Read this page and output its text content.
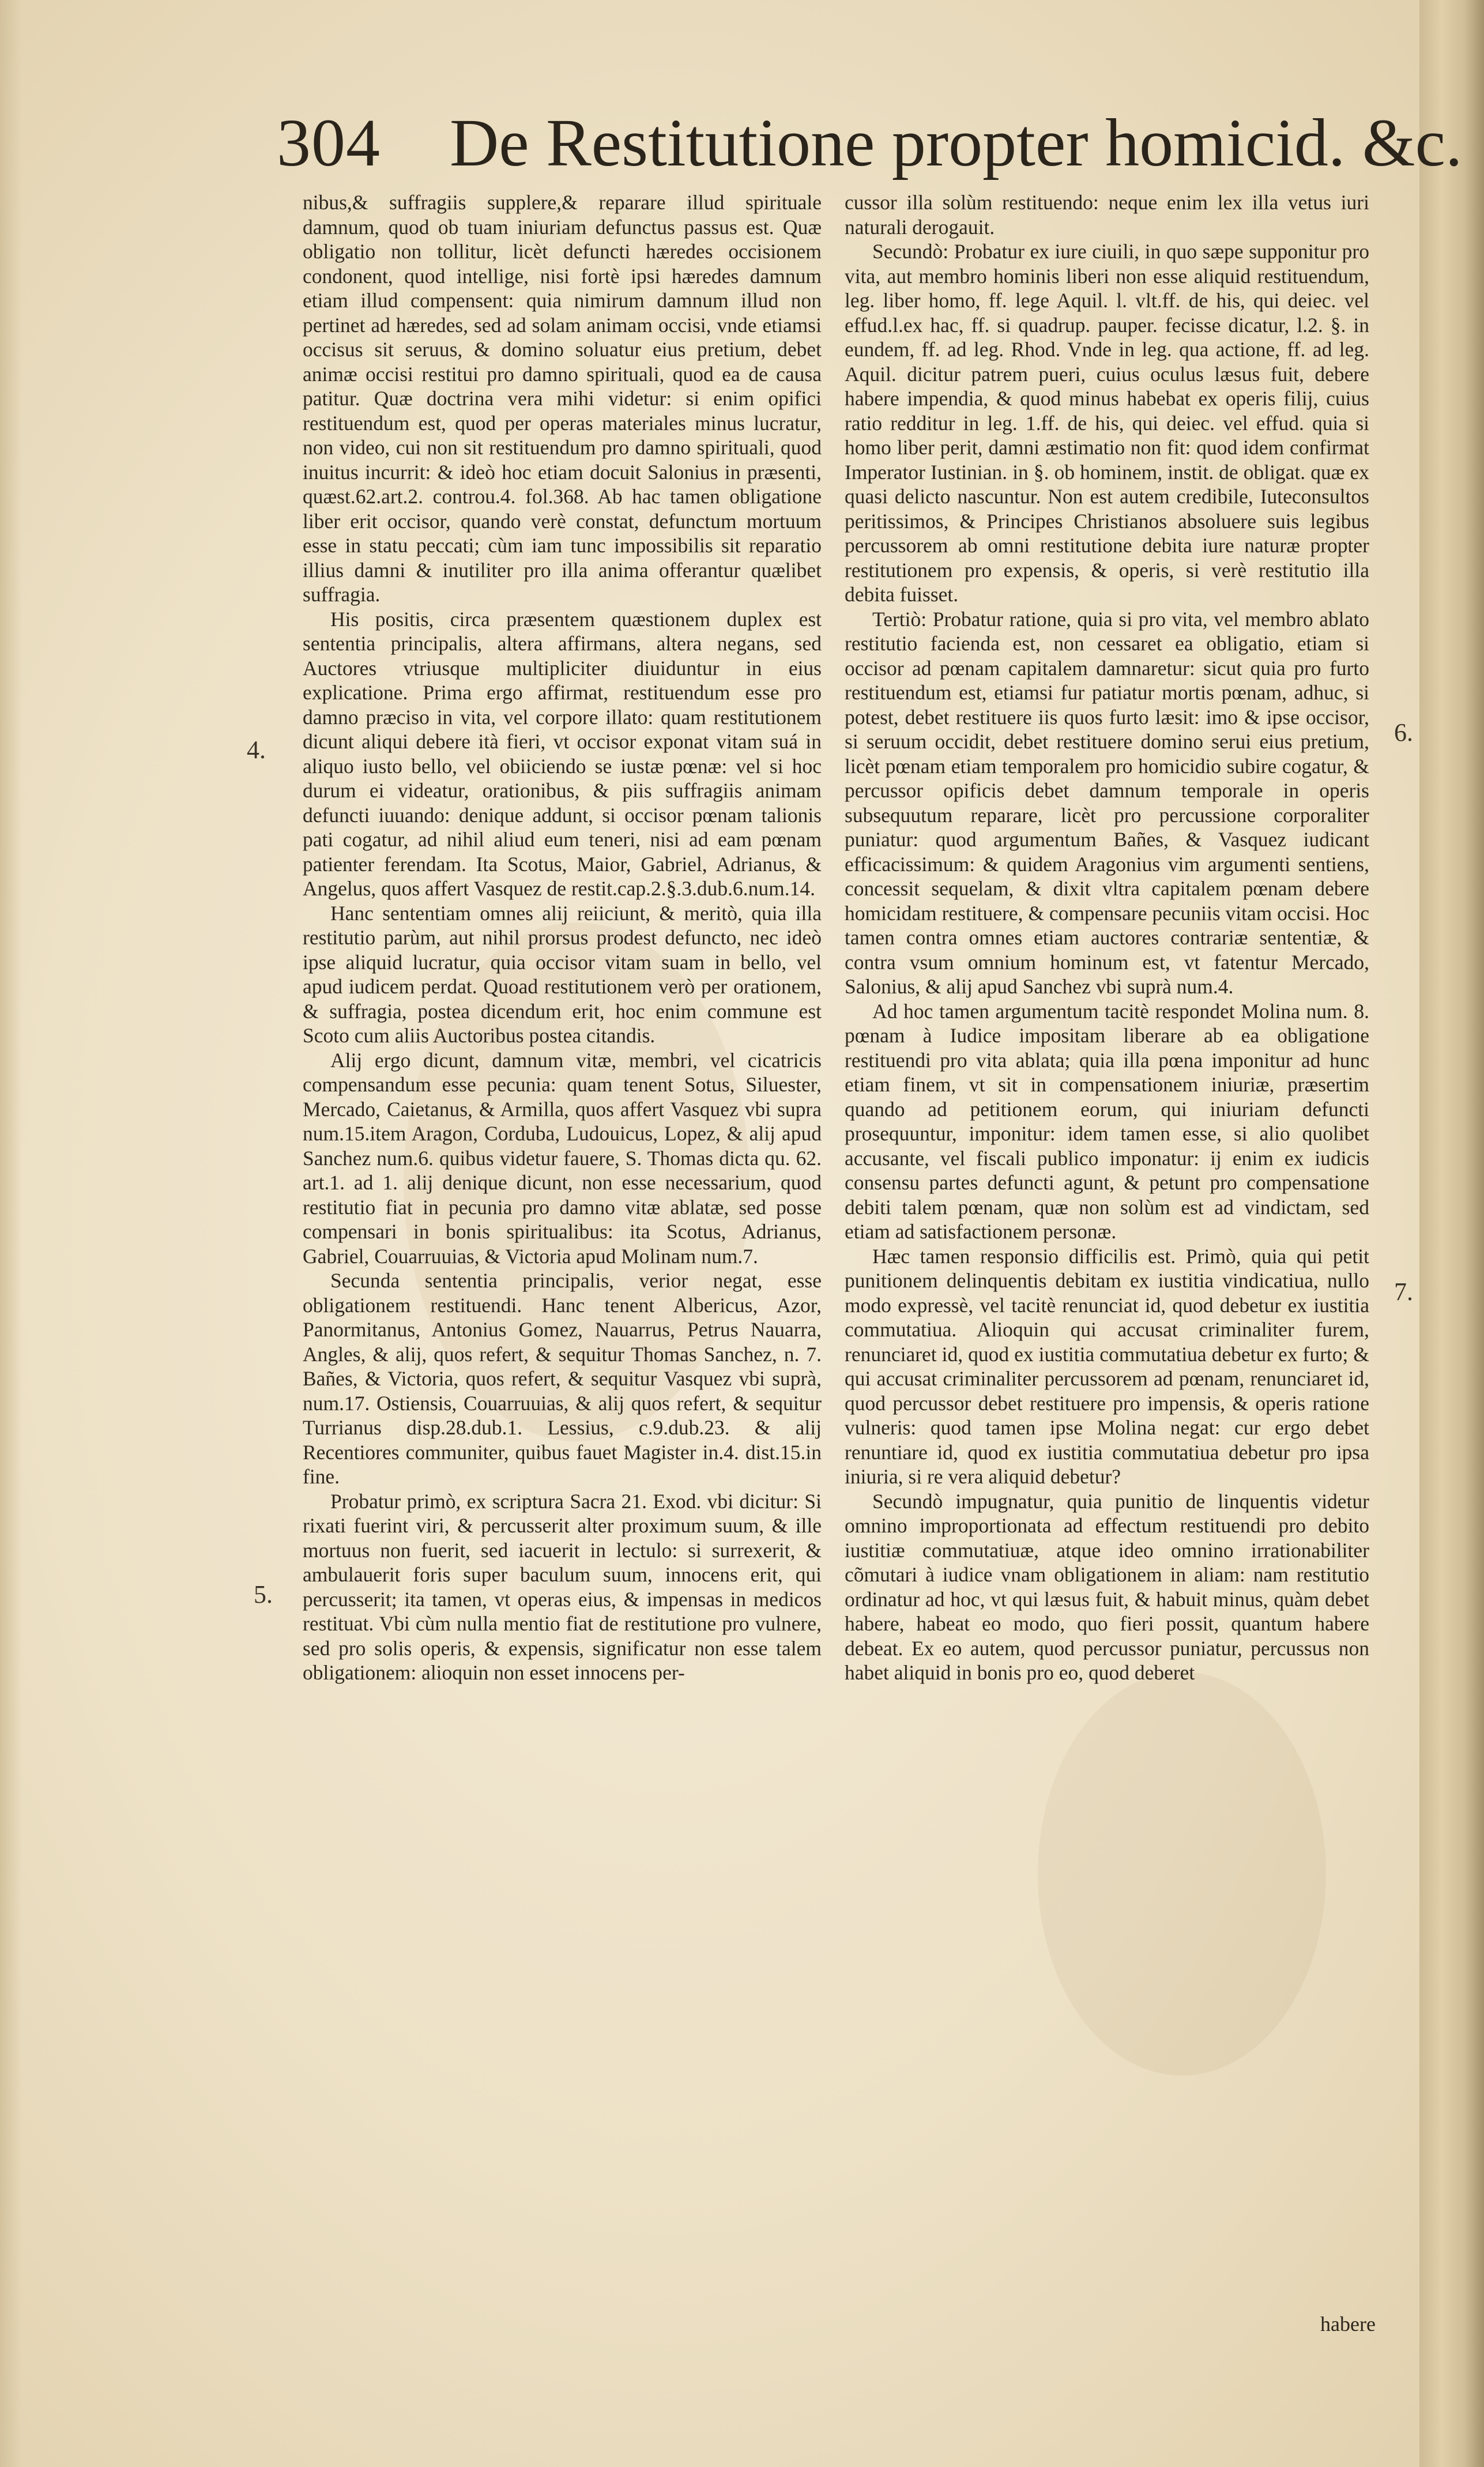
304 De Restitutione propter homicid. &c.

nibus,& suffragiis supplere,& reparare illud spirituale damnum, quod ob tuam iniuriam defunctus passus est. Quæ obligatio non tollitur, licèt defuncti hæredes occisionem condonent, quod intellige, nisi fortè ipsi hæredes damnum etiam illud compensent: quia nimirum damnum illud non pertinet ad hæredes, sed ad solam animam occisi, vnde etiamsi occisus sit seruus, & domino soluatur eius pretium, debet animæ occisi restitui pro damno spirituali, quod ea de causa patitur. Quæ doctrina vera mihi videtur: si enim opifici restituendum est, quod per operas materiales minus lucratur, non video, cui non sit restituendum pro damno spirituali, quod inuitus incurrit: & ideò hoc etiam docuit Salonius in præsenti, quæst.62.art.2. controu.4. fol.368. Ab hac tamen obligatione liber erit occisor, quando verè constat, defunctum mortuum esse in statu peccati; cùm iam tunc impossibilis sit reparatio illius damni & inutiliter pro illa anima offerantur quælibet suffragia.

His positis, circa præsentem quæstionem duplex est sententia principalis, altera affirmans, altera negans, sed Auctores vtriusque multipliciter diuiduntur in eius explicatione. Prima ergo affirmat, restituendum esse pro damno præciso in vita, vel corpore illato: quam restitutionem dicunt aliqui debere ità fieri, vt occisor exponat vitam suá in aliquo iusto bello, vel obiiciendo se iustæ pœnæ: vel si hoc durum ei videatur, orationibus, & piis suffragiis animam defuncti iuuando: denique addunt, si occisor pœnam talionis pati cogatur, ad nihil aliud eum teneri, nisi ad eam pœnam patienter ferendam. Ita Scotus, Maior, Gabriel, Adrianus, & Angelus, quos affert Vasquez de restit.cap.2.§.3.dub.6.num.14.

Hanc sententiam omnes alij reiiciunt, & meritò, quia illa restitutio parùm, aut nihil prorsus prodest defuncto, nec ideò ipse aliquid lucratur, quia occisor vitam suam in bello, vel apud iudicem perdat. Quoad restitutionem verò per orationem, & suffragia, postea dicendum erit, hoc enim commune est Scoto cum aliis Auctoribus postea citandis.

Alij ergo dicunt, damnum vitæ, membri, vel cicatricis compensandum esse pecunia: quam tenent Sotus, Siluester, Mercado, Caietanus, & Armilla, quos affert Vasquez vbi supra num.15.item Aragon, Corduba, Ludouicus, Lopez, & alij apud Sanchez num.6. quibus videtur fauere, S. Thomas dicta qu. 62. art.1. ad 1. alij denique dicunt, non esse necessarium, quod restitutio fiat in pecunia pro damno vitæ ablatæ, sed posse compensari in bonis spiritualibus: ita Scotus, Adrianus, Gabriel, Couarruuias, & Victoria apud Molinam num.7.

Secunda sententia principalis, verior negat, esse obligationem restituendi. Hanc tenent Albericus, Azor, Panormitanus, Antonius Gomez, Nauarrus, Petrus Nauarra, Angles, & alij, quos refert, & sequitur Thomas Sanchez, n. 7. Bañes, & Victoria, quos refert, & sequitur Vasquez vbi suprà, num.17. Ostiensis, Couarruuias, & alij quos refert, & sequitur Turrianus disp.28.dub.1. Lessius, c.9.dub.23. & alij Recentiores communiter, quibus fauet Magister in.4. dist.15.in fine.

Probatur primò, ex scriptura Sacra 21. Exod. vbi dicitur: Si rixati fuerint viri, & percusserit alter proximum suum, & ille mortuus non fuerit, sed iacuerit in lectulo: si surrexerit, & ambulauerit foris super baculum suum, innocens erit, qui percusserit; ita tamen, vt operas eius, & impensas in medicos restituat. Vbi cùm nulla mentio fiat de restitutione pro vulnere, sed pro solis operis, & expensis, significatur non esse talem obligationem: alioquin non esset innocens per-

cussor illa solùm restituendo: neque enim lex illa vetus iuri naturali derogauit.

Secundò: Probatur ex iure ciuili, in quo sæpe supponitur pro vita, aut membro hominis liberi non esse aliquid restituendum, leg. liber homo, ff. lege Aquil. l. vlt.ff. de his, qui deiec. vel effud.l.ex hac, ff. si quadrup. pauper. fecisse dicatur, l.2. §. in eundem, ff. ad leg. Rhod. Vnde in leg. qua actione, ff. ad leg. Aquil. dicitur patrem pueri, cuius oculus læsus fuit, debere habere impendia, & quod minus habebat ex operis filij, cuius ratio redditur in leg. 1.ff. de his, qui deiec. vel effud. quia si homo liber perit, damni æstimatio non fit: quod idem confirmat Imperator Iustinian. in §. ob hominem, instit. de obligat. quæ ex quasi delicto nascuntur. Non est autem credibile, Iuteconsultos peritissimos, & Principes Christianos absoluere suis legibus percussorem ab omni restitutione debita iure naturæ propter restitutionem pro expensis, & operis, si verè restitutio illa debita fuisset.

Tertiò: Probatur ratione, quia si pro vita, vel membro ablato restitutio facienda est, non cessaret ea obligatio, etiam si occisor ad pœnam capitalem damnaretur: sicut quia pro furto restituendum est, etiamsi fur patiatur mortis pœnam, adhuc, si potest, debet restituere iis quos furto læsit: imo & ipse occisor, si seruum occidit, debet restituere domino serui eius pretium, licèt pœnam etiam temporalem pro homicidio subire cogatur, & percussor opificis debet damnum temporale in operis subsequutum reparare, licèt pro percussione corporaliter puniatur: quod argumentum Bañes, & Vasquez iudicant efficacissimum: & quidem Aragonius vim argumenti sentiens, concessit sequelam, & dixit vltra capitalem pœnam debere homicidam restituere, & compensare pecuniis vitam occisi. Hoc tamen contra omnes etiam auctores contrariæ sententiæ, & contra vsum omnium hominum est, vt fatentur Mercado, Salonius, & alij apud Sanchez vbi suprà num.4.

Ad hoc tamen argumentum tacitè respondet Molina num. 8. pœnam à Iudice impositam liberare ab ea obligatione restituendi pro vita ablata; quia illa pœna imponitur ad hunc etiam finem, vt sit in compensationem iniuriæ, præsertim quando ad petitionem eorum, qui iniuriam defuncti prosequuntur, imponitur: idem tamen esse, si alio quolibet accusante, vel fiscali publico imponatur: ij enim ex iudicis consensu partes defuncti agunt, & petunt pro compensatione debiti talem pœnam, quæ non solùm est ad vindictam, sed etiam ad satisfactionem personæ.

Hæc tamen responsio difficilis est. Primò, quia qui petit punitionem delinquentis debitam ex iustitia vindicatiua, nullo modo expressè, vel tacitè renunciat id, quod debetur ex iustitia commutatiua. Alioquin qui accusat criminaliter furem, renunciaret id, quod ex iustitia commutatiua debetur ex furto; & qui accusat criminaliter percussorem ad pœnam, renunciaret id, quod percussor debet restituere pro impensis, & operis ratione vulneris: quod tamen ipse Molina negat: cur ergo debet renuntiare id, quod ex iustitia commutatiua debetur pro ipsa iniuria, si re vera aliquid debetur?

Secundò impugnatur, quia punitio de linquentis videtur omnino improportionata ad effectum restituendi pro debito iustitiæ commutatiuæ, atque ideo omnino irrationabiliter cõmutari à iudice vnam obligationem in aliam: nam restitutio ordinatur ad hoc, vt qui læsus fuit, & habuit minus, quàm debet habere, habeat eo modo, quo fieri possit, quantum habere debeat. Ex eo autem, quod percussor puniatur, percussus non habet aliquid in bonis pro eo, quod deberet

4.
5.
6.
7.
habere
